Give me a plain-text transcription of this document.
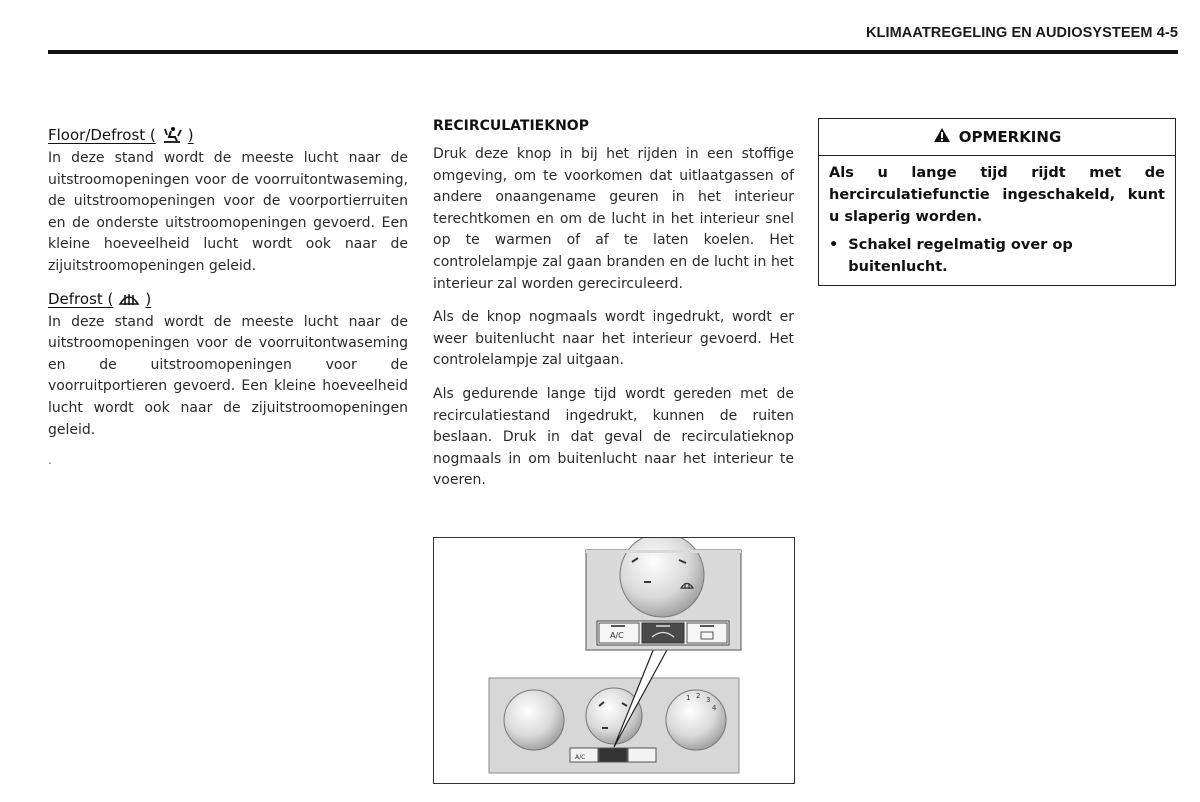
KLIMAATREGELING EN AUDIOSYSTEEM 4-5
Floor/Defrost ( )

In deze stand wordt de meeste lucht naar de uitstroomopeningen voor de voorruitontwaseming, de uitstroomopeningen voor de voorportierruiten en de onderste uitstroomopeningen gevoerd. Een kleine hoeveelheid lucht wordt ook naar de zijuitstroomopeningen geleid.

Defrost ( )

In deze stand wordt de meeste lucht naar de uitstroomopeningen voor de voorruitontwaseming en de uitstroomopeningen voor de voorruitportieren gevoerd. Een kleine hoeveelheid lucht wordt ook naar de zijuitstroomopeningen geleid.

.
RECIRCULATIEKNOP

Druk deze knop in bij het rijden in een stoffige omgeving, om te voorkomen dat uitlaatgassen of andere onaangename geuren in het interieur terechtkomen en om de lucht in het interieur snel op te warmen of af te laten koelen. Het controlelampje zal gaan branden en de lucht in het interieur zal worden gerecirculeerd.

Als de knop nogmaals wordt ingedrukt, wordt er weer buitenlucht naar het interieur gevoerd. Het controlelampje zal uitgaan.

Als gedurende lange tijd wordt gereden met de recirculatiestand ingedrukt, kunnen de ruiten beslaan. Druk in dat geval de recirculatieknop nogmaals in om buitenlucht naar het interieur te voeren.

1 2 3
4
A/C
A/C
OPMERKING

Als u lange tijd rijdt met de hercirculatiefunctie ingeschakeld, kunt u slaperig worden.

• Schakel regelmatig over op buitenlucht.
